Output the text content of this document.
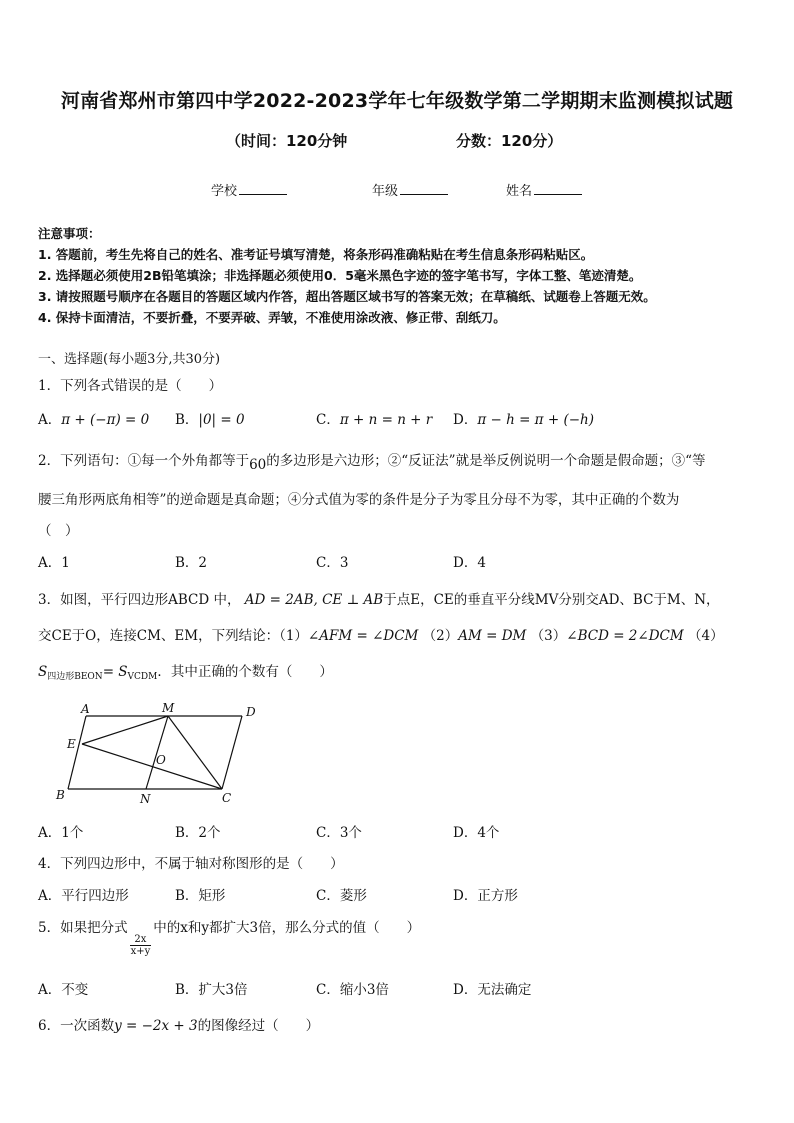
河南省郑州市第四中学2022-2023学年七年级数学第二学期期末监测模拟试题
（时间：120分钟	分数：120分）
学校	年级	姓名
注意事项：
1. 答题前，考生先将自己的姓名、准考证号填写清楚，将条形码准确粘贴在考生信息条形码粘贴区。
2. 选择题必须使用2B铅笔填涂；非选择题必须使用0．5毫米黑色字迹的签字笔书写，字体工整、笔迹清楚。
3. 请按照题号顺序在各题目的答题区域内作答，超出答题区域书写的答案无效；在草稿纸、试题卷上答题无效。
4. 保持卡面清洁，不要折叠，不要弄破、弄皱，不准使用涂改液、修正带、刮纸刀。
一、选择题(每小题3分,共30分)
1．下列各式错误的是（　　）
A．π + (−π) = 0 B．|0| = 0	C．π + n = n + r D．π − h = π + (−h)
2．下列语句：①每一个外角都等于60的多边形是六边形；②“反证法”就是举反例说明一个命题是假命题；③“等
腰三角形两底角相等”的逆命题是真命题；④分式值为零的条件是分子为零且分母不为零，其中正确的个数为
（　）
A．1	B．2	C．3	D．4
3．如图，平行四边形ABCD 中， AD = 2AB, CE ⊥ AB于点E，CE的垂直平分线MV分别交AD、BC于M、N，
交CE于O，连接CM、EM，下列结论：（1）∠AFM = ∠DCM （2）AM = DM （3）∠BCD = 2∠DCM （4）
$S_{四边形BEON}= S_{VCDM}$．其中正确的个数有（　　）
A	M	D
E
O
B	N	C
A．1个	B．2个	C．3个	D．4个
4．下列四边形中，不属于轴对称图形的是（　　）
A．平行四边形	B．矩形	C．菱形	D．正方形
5．如果把分式
$\frac{2x}{x+y}$
中的x和y都扩大3倍，那么分式的值（　　）
A．不变	B．扩大3倍	C．缩小3倍	D．无法确定
6．一次函数y = −2x + 3的图像经过（　　）
